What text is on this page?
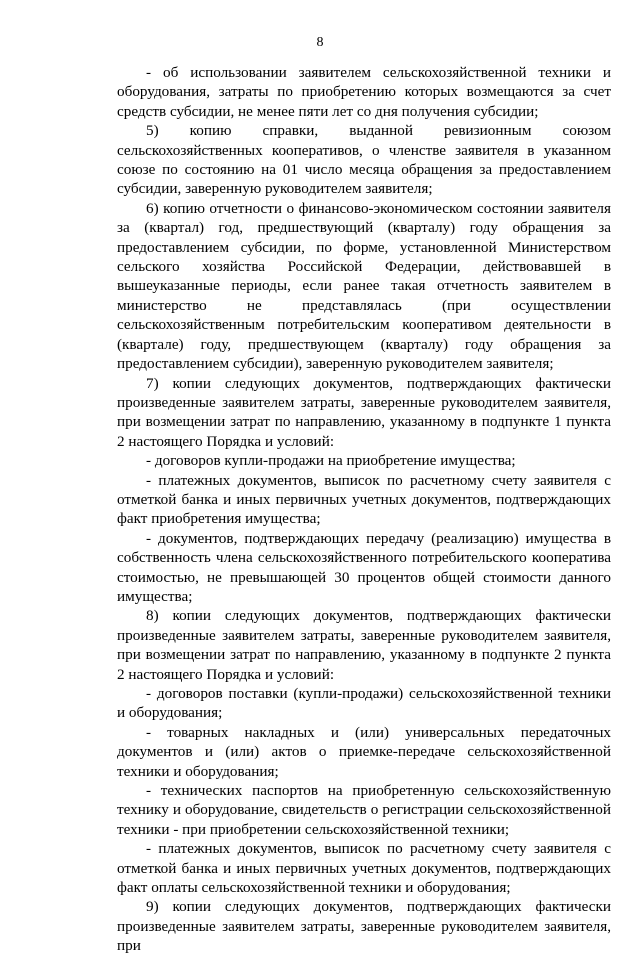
8

- об использовании заявителем сельскохозяйственной техники и оборудования, затраты по приобретению которых возмещаются за счет средств субсидии, не менее пяти лет со дня получения субсидии;

5) копию справки, выданной ревизионным союзом сельскохозяйственных кооперативов, о членстве заявителя в указанном союзе по состоянию на 01 число месяца обращения за предоставлением субсидии, заверенную руководителем заявителя;

6) копию отчетности о финансово-экономическом состоянии заявителя за (квартал) год, предшествующий (кварталу) году обращения за предоставлением субсидии, по форме, установленной Министерством сельского хозяйства Российской Федерации, действовавшей в вышеуказанные периоды, если ранее такая отчетность заявителем в министерство не представлялась (при осуществлении сельскохозяйственным потребительским кооперативом деятельности в (квартале) году, предшествующем (кварталу) году обращения за предоставлением субсидии), заверенную руководителем заявителя;

7) копии следующих документов, подтверждающих фактически произведенные заявителем затраты, заверенные руководителем заявителя, при возмещении затрат по направлению, указанному в подпункте 1 пункта 2 настоящего Порядка и условий:

- договоров купли-продажи на приобретение имущества;

- платежных документов, выписок по расчетному счету заявителя с отметкой банка и иных первичных учетных документов, подтверждающих факт приобретения имущества;

- документов, подтверждающих передачу (реализацию) имущества в собственность члена сельскохозяйственного потребительского кооператива стоимостью, не превышающей 30 процентов общей стоимости данного имущества;

8) копии следующих документов, подтверждающих фактически произведенные заявителем затраты, заверенные руководителем заявителя, при возмещении затрат по направлению, указанному в подпункте 2 пункта 2 настоящего Порядка и условий:

- договоров поставки (купли-продажи) сельскохозяйственной техники и оборудования;

- товарных накладных и (или) универсальных передаточных документов и (или) актов о приемке-передаче сельскохозяйственной техники и оборудования;

- технических паспортов на приобретенную сельскохозяйственную технику и оборудование, свидетельств о регистрации сельскохозяйственной техники - при приобретении сельскохозяйственной техники;

- платежных документов, выписок по расчетному счету заявителя с отметкой банка и иных первичных учетных документов, подтверждающих факт оплаты сельскохозяйственной техники и оборудования;

9) копии следующих документов, подтверждающих фактически произведенные заявителем затраты, заверенные руководителем заявителя, при
